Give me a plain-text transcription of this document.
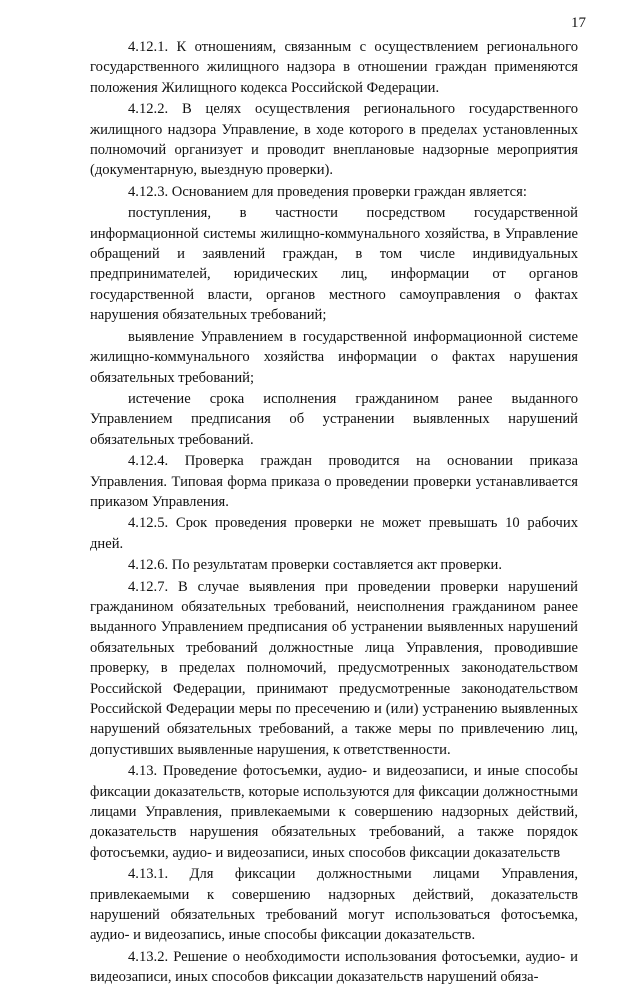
17

4.12.1. К отношениям, связанным с осуществлением регионального государственного жилищного надзора в отношении граждан применяются положения Жилищного кодекса Российской Федерации.

4.12.2. В целях осуществления регионального государственного жилищного надзора Управление, в ходе которого в пределах установленных полномочий организует и проводит внеплановые надзорные мероприятия (документарную, выездную проверки).

4.12.3. Основанием для проведения проверки граждан является:

поступления, в частности посредством государственной информационной системы жилищно-коммунального хозяйства, в Управление обращений и заявлений граждан, в том числе индивидуальных предпринимателей, юридических лиц, информации от органов государственной власти, органов местного самоуправления о фактах нарушения обязательных требований;

выявление Управлением в государственной информационной системе жилищно-коммунального хозяйства информации о фактах нарушения обязательных требований;

истечение срока исполнения гражданином ранее выданного Управлением предписания об устранении выявленных нарушений обязательных требований.

4.12.4. Проверка граждан проводится на основании приказа Управления. Типовая форма приказа о проведении проверки устанавливается приказом Управления.

4.12.5. Срок проведения проверки не может превышать 10 рабочих дней.

4.12.6. По результатам проверки составляется акт проверки.

4.12.7. В случае выявления при проведении проверки нарушений гражданином обязательных требований, неисполнения гражданином ранее выданного Управлением предписания об устранении выявленных нарушений обязательных требований должностные лица Управления, проводившие проверку, в пределах полномочий, предусмотренных законодательством Российской Федерации, принимают предусмотренные законодательством Российской Федерации меры по пресечению и (или) устранению выявленных нарушений обязательных требований, а также меры по привлечению лиц, допустивших выявленные нарушения, к ответственности.

4.13. Проведение фотосъемки, аудио- и видеозаписи, и иные способы фиксации доказательств, которые используются для фиксации должностными лицами Управления, привлекаемыми к совершению надзорных действий, доказательств нарушения обязательных требований, а также порядок фотосъемки, аудио- и видеозаписи, иных способов фиксации доказательств

4.13.1. Для фиксации должностными лицами Управления, привлекаемыми к совершению надзорных действий, доказательств нарушений обязательных требований могут использоваться фотосъемка, аудио- и видеозапись, иные способы фиксации доказательств.

4.13.2. Решение о необходимости использования фотосъемки, аудио- и видеозаписи, иных способов фиксации доказательств нарушений обяза-
